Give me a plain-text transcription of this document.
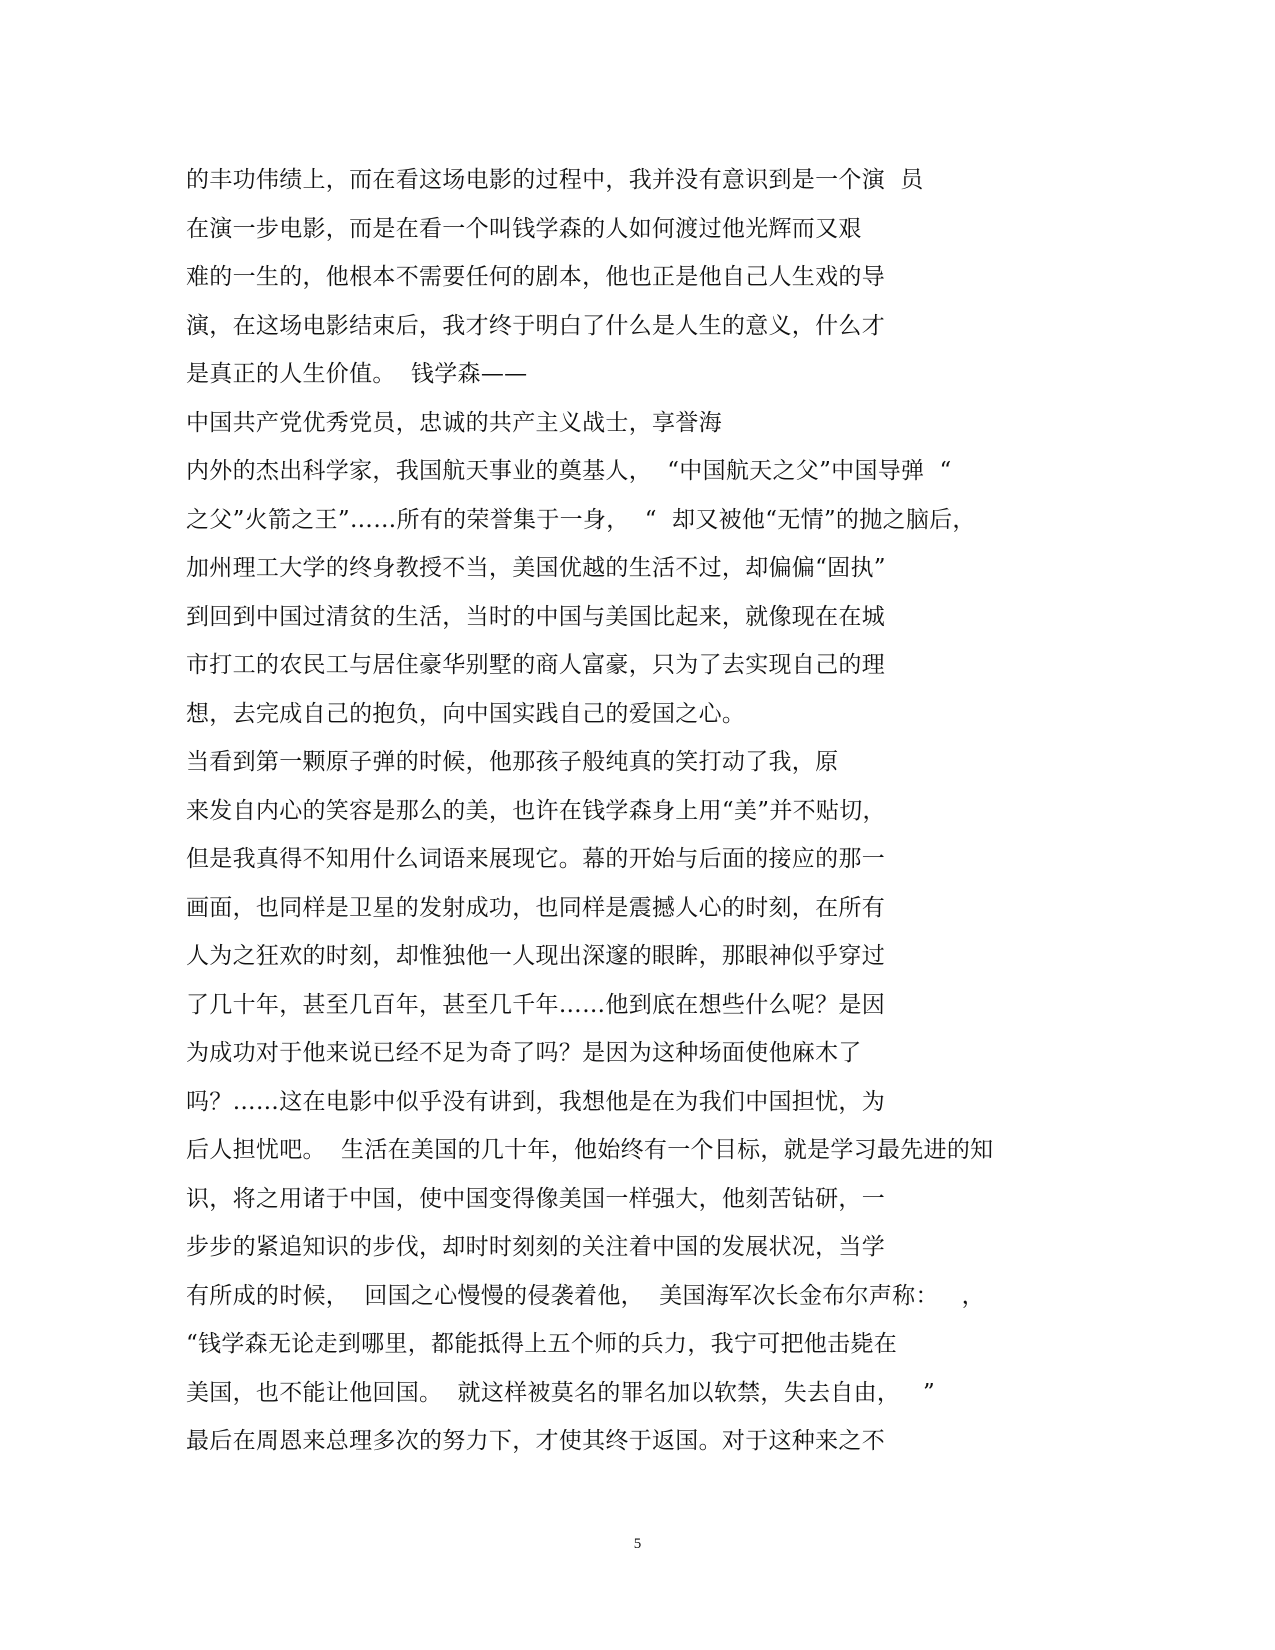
的丰功伟绩上，而在看这场电影的过程中，我并没有意识到是一个演  员
在演一步电影，而是在看一个叫钱学森的人如何渡过他光辉而又艰
难的一生的，他根本不需要任何的剧本，他也正是他自己人生戏的导
演，在这场电影结束后，我才终于明白了什么是人生的意义，什么才
是真正的人生价值。  钱学森——
中国共产党优秀党员，忠诚的共产主义战士，享誉海
内外的杰出科学家，我国航天事业的奠基人，  “中国航天之父”中国导弹  “
之父”火箭之王”……所有的荣誉集于一身，  “  却又被他“无情”的抛之脑后，
加州理工大学的终身教授不当，美国优越的生活不过，却偏偏“固执”
到回到中国过清贫的生活，当时的中国与美国比起来，就像现在在城
市打工的农民工与居住豪华别墅的商人富豪，只为了去实现自己的理
想，去完成自己的抱负，向中国实践自己的爱国之心。
当看到第一颗原子弹的时候，他那孩子般纯真的笑打动了我，原
来发自内心的笑容是那么的美，也许在钱学森身上用“美”并不贴切，
但是我真得不知用什么词语来展现它。幕的开始与后面的接应的那一
画面，也同样是卫星的发射成功，也同样是震撼人心的时刻，在所有
人为之狂欢的时刻，却惟独他一人现出深邃的眼眸，那眼神似乎穿过
了几十年，甚至几百年，甚至几千年……他到底在想些什么呢？是因
为成功对于他来说已经不足为奇了吗？是因为这种场面使他麻木了
吗？……这在电影中似乎没有讲到，我想他是在为我们中国担忧，为
后人担忧吧。  生活在美国的几十年，他始终有一个目标，就是学习最先进的知
识，将之用诸于中国，使中国变得像美国一样强大，他刻苦钻研，一
步步的紧追知识的步伐，却时时刻刻的关注着中国的发展状况，当学
有所成的时候，  回国之心慢慢的侵袭着他，  美国海军次长金布尔声称：   ，
“钱学森无论走到哪里，都能抵得上五个师的兵力，我宁可把他击毙在
美国，也不能让他回国。  就这样被莫名的罪名加以软禁，失去自由，   ”
最后在周恩来总理多次的努力下，才使其终于返国。对于这种来之不
5
